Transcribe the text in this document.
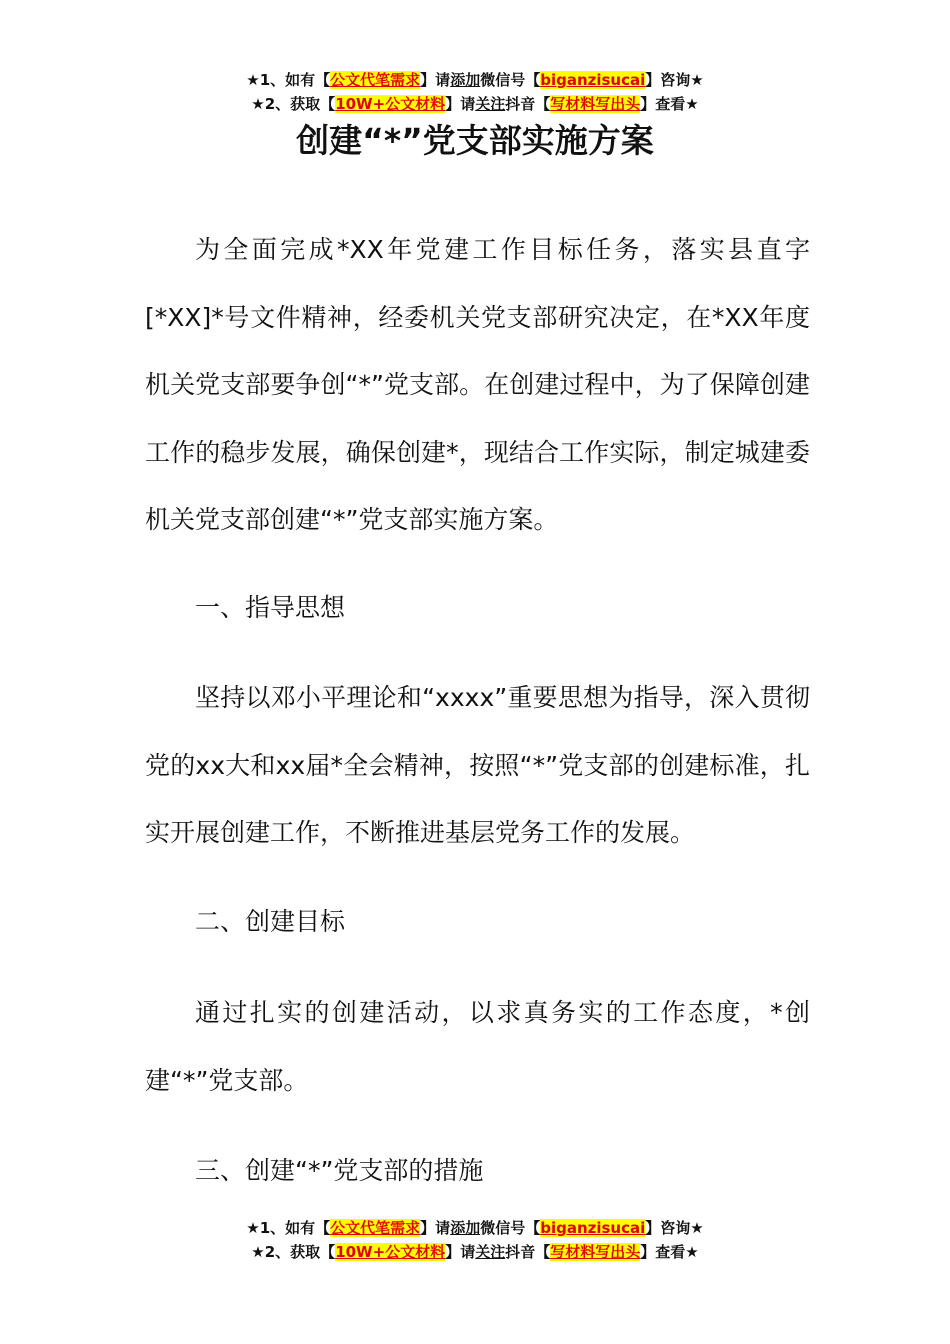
★1、如有【公文代笔需求】请添加微信号【biganzisucai】咨询★
★2、获取【10W+公文材料】请关注抖音【写材料写出头】查看★
创建“*”党支部实施方案

为全面完成*XX年党建工作目标任务，落实县直字[*XX]*号文件精神，经委机关党支部研究决定，在*XX年度机关党支部要争创“*”党支部。在创建过程中，为了保障创建工作的稳步发展，确保创建*，现结合工作实际，制定城建委机关党支部创建“*”党支部实施方案。

一、指导思想

坚持以邓小平理论和“xxxx”重要思想为指导，深入贯彻党的xx大和xx届*全会精神，按照“*”党支部的创建标准，扎实开展创建工作，不断推进基层党务工作的发展。

二、创建目标

通过扎实的创建活动，以求真务实的工作态度，*创建“*”党支部。

三、创建“*”党支部的措施

★1、如有【公文代笔需求】请添加微信号【biganzisucai】咨询★
★2、获取【10W+公文材料】请关注抖音【写材料写出头】查看★
